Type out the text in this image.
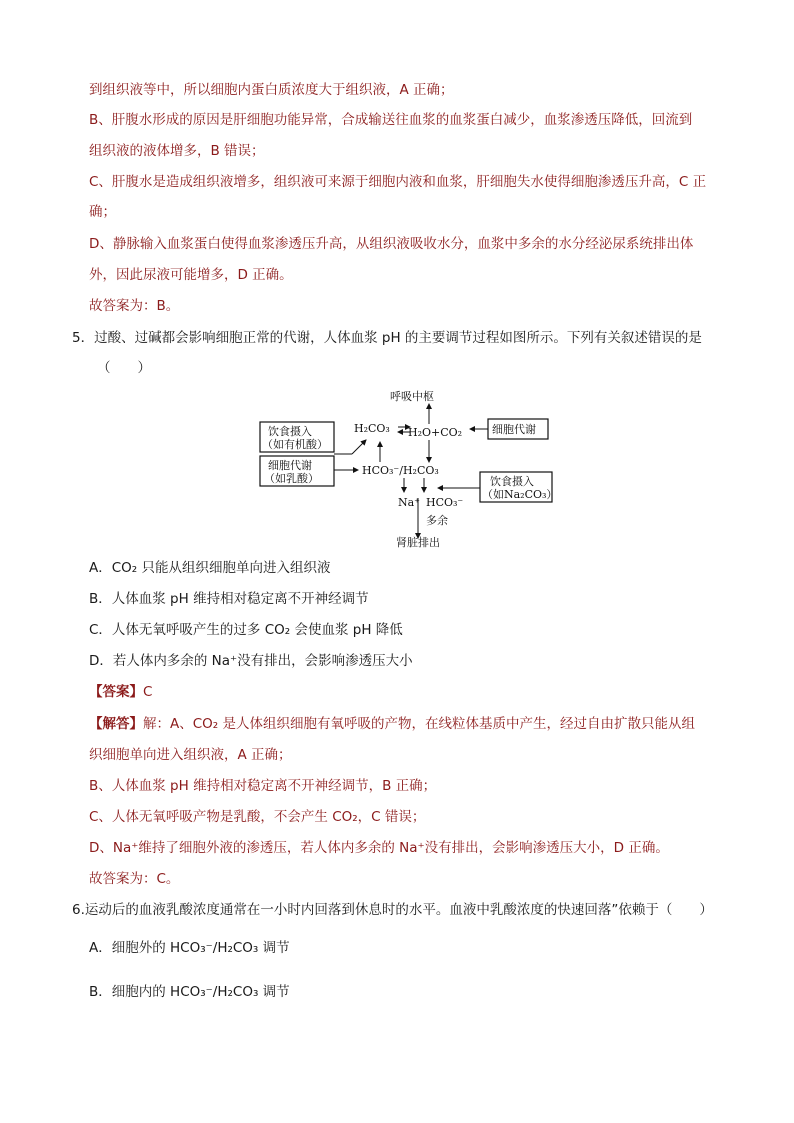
到组织液等中，所以细胞内蛋白质浓度大于组织液，A 正确；
B、肝腹水形成的原因是肝细胞功能异常，合成输送往血浆的血浆蛋白减少，血浆渗透压降低，回流到
组织液的液体增多，B 错误；
C、肝腹水是造成组织液增多，组织液可来源于细胞内液和血浆，肝细胞失水使得细胞渗透压升高，C 正
确；
D、静脉输入血浆蛋白使得血浆渗透压升高，从组织液吸收水分，血浆中多余的水分经泌尿系统排出体
外，因此尿液可能增多，D 正确。
故答案为：B。
5．过酸、过碱都会影响细胞正常的代谢，人体血浆 pH 的主要调节过程如图所示。下列有关叙述错误的是
（　　）
呼吸中枢
H₂CO₃ H₂O+CO₂	细胞代谢
饮食摄入
（如有机酸）
细胞代谢
（如乳酸）
HCO₃⁻/H₂CO₃
饮食摄入
（如Na₂CO₃）
Na⁺ HCO₃⁻
多余
肾脏排出
A．CO₂ 只能从组织细胞单向进入组织液
B．人体血浆 pH 维持相对稳定离不开神经调节
C．人体无氧呼吸产生的过多 CO₂ 会使血浆 pH 降低
D．若人体内多余的 Na⁺没有排出，会影响渗透压大小
【答案】C
【解答】解：A、CO₂ 是人体组织细胞有氧呼吸的产物，在线粒体基质中产生，经过自由扩散只能从组
织细胞单向进入组织液，A 正确；
B、人体血浆 pH 维持相对稳定离不开神经调节，B 正确；
C、人体无氧呼吸产物是乳酸，不会产生 CO₂，C 错误；
D、Na⁺维持了细胞外液的渗透压，若人体内多余的 Na⁺没有排出，会影响渗透压大小，D 正确。
故答案为：C。
6.运动后的血液乳酸浓度通常在一小时内回落到休息时的水平。血液中乳酸浓度的快速回落”依赖于（　　）
A．细胞外的 HCO₃⁻/H₂CO₃ 调节
B．细胞内的 HCO₃⁻/H₂CO₃ 调节
